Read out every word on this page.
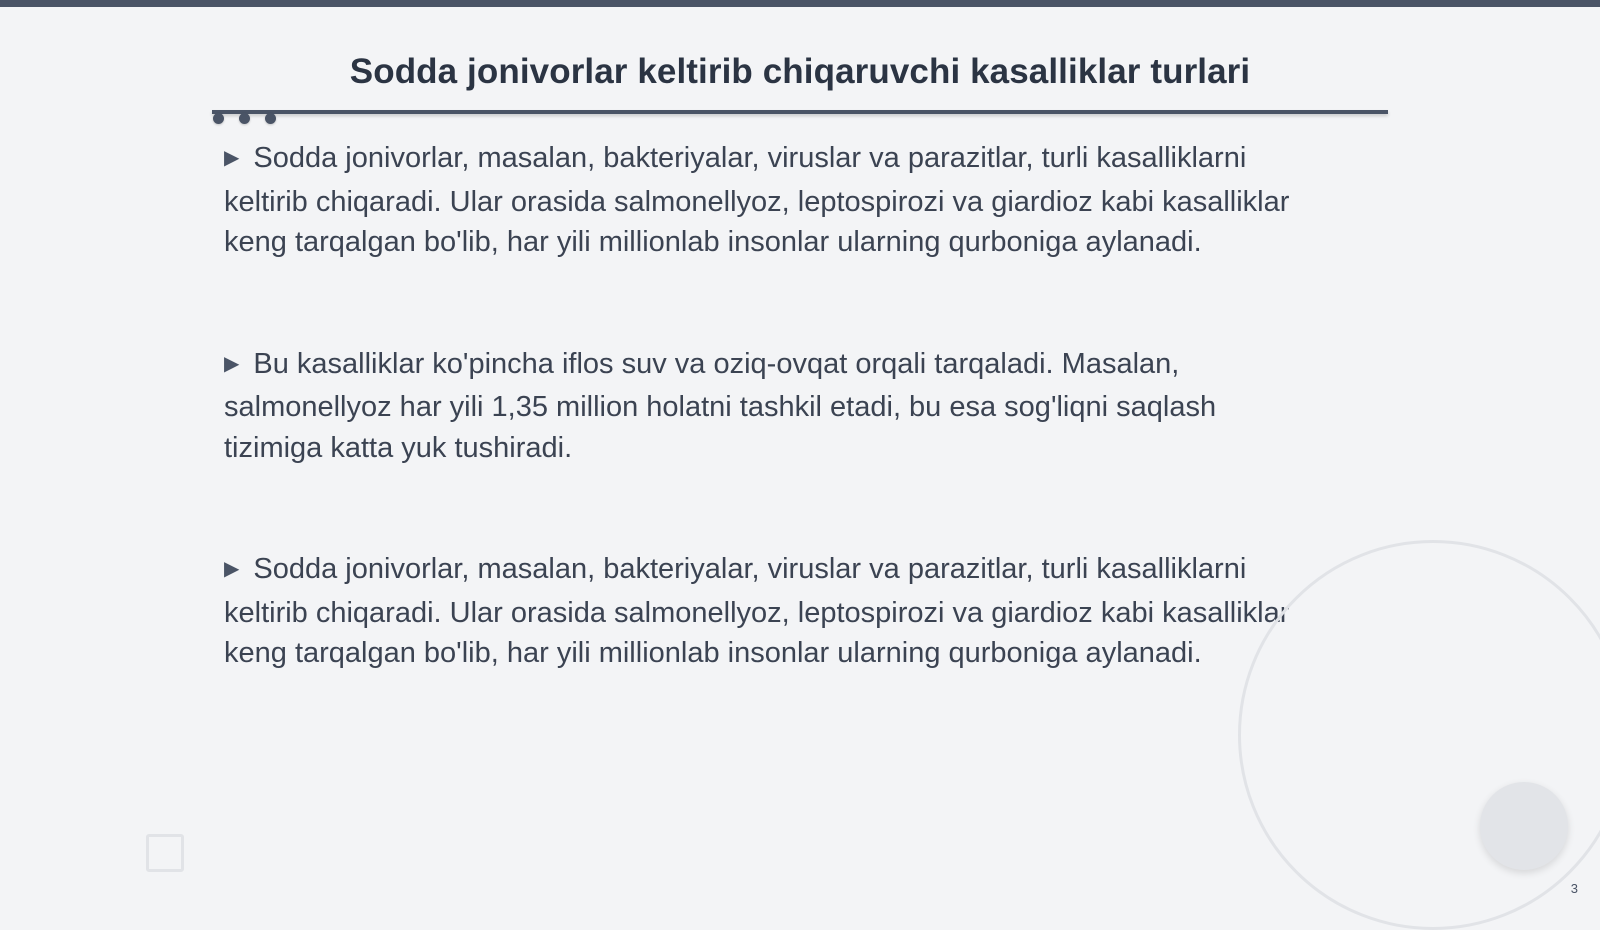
Sodda jonivorlar keltirib chiqaruvchi kasalliklar turlari
▶ Sodda jonivorlar, masalan, bakteriyalar, viruslar va parazitlar, turli kasalliklarni
keltirib chiqaradi. Ular orasida salmonellyoz, leptospirozi va giardioz kabi kasalliklar
keng tarqalgan bo'lib, har yili millionlab insonlar ularning qurboniga aylanadi.
▶ Bu kasalliklar ko'pincha iflos suv va oziq-ovqat orqali tarqaladi. Masalan,
salmonellyoz har yili 1,35 million holatni tashkil etadi, bu esa sog'liqni saqlash
tizimiga katta yuk tushiradi.
▶ Sodda jonivorlar, masalan, bakteriyalar, viruslar va parazitlar, turli kasalliklarni
keltirib chiqaradi. Ular orasida salmonellyoz, leptospirozi va giardioz kabi kasalliklar
keng tarqalgan bo'lib, har yili millionlab insonlar ularning qurboniga aylanadi.
3
